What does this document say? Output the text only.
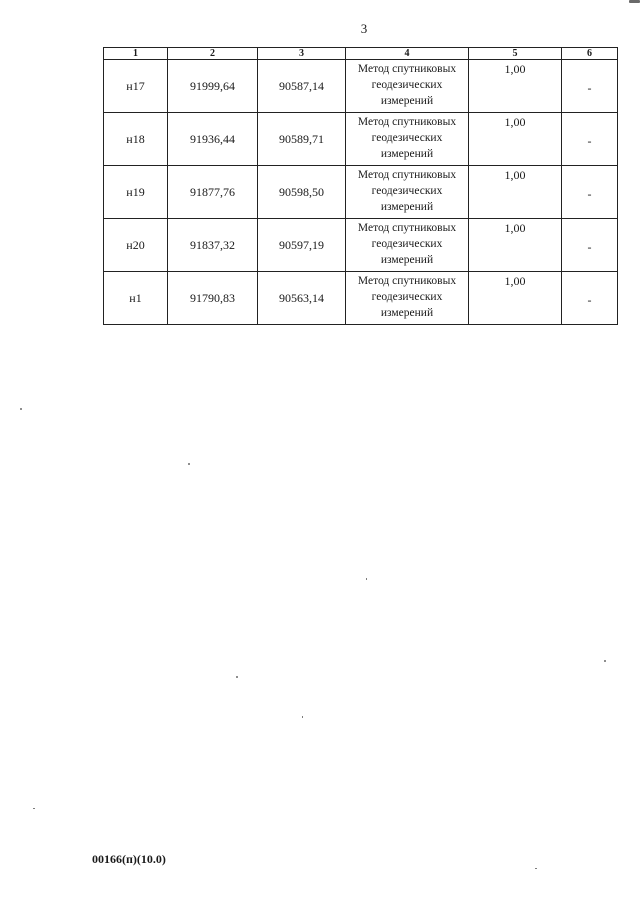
3
1	2	3	4	5	6
н17	91999,64	90587,14	Метод спутниковых геодезических измерений	1,00	-
н18	91936,44	90589,71	Метод спутниковых геодезических измерений	1,00	-
н19	91877,76	90598,50	Метод спутниковых геодезических измерений	1,00	-
н20	91837,32	90597,19	Метод спутниковых геодезических измерений	1,00	-
н1	91790,83	90563,14	Метод спутниковых геодезических измерений	1,00	-
00166(п)(10.0)
